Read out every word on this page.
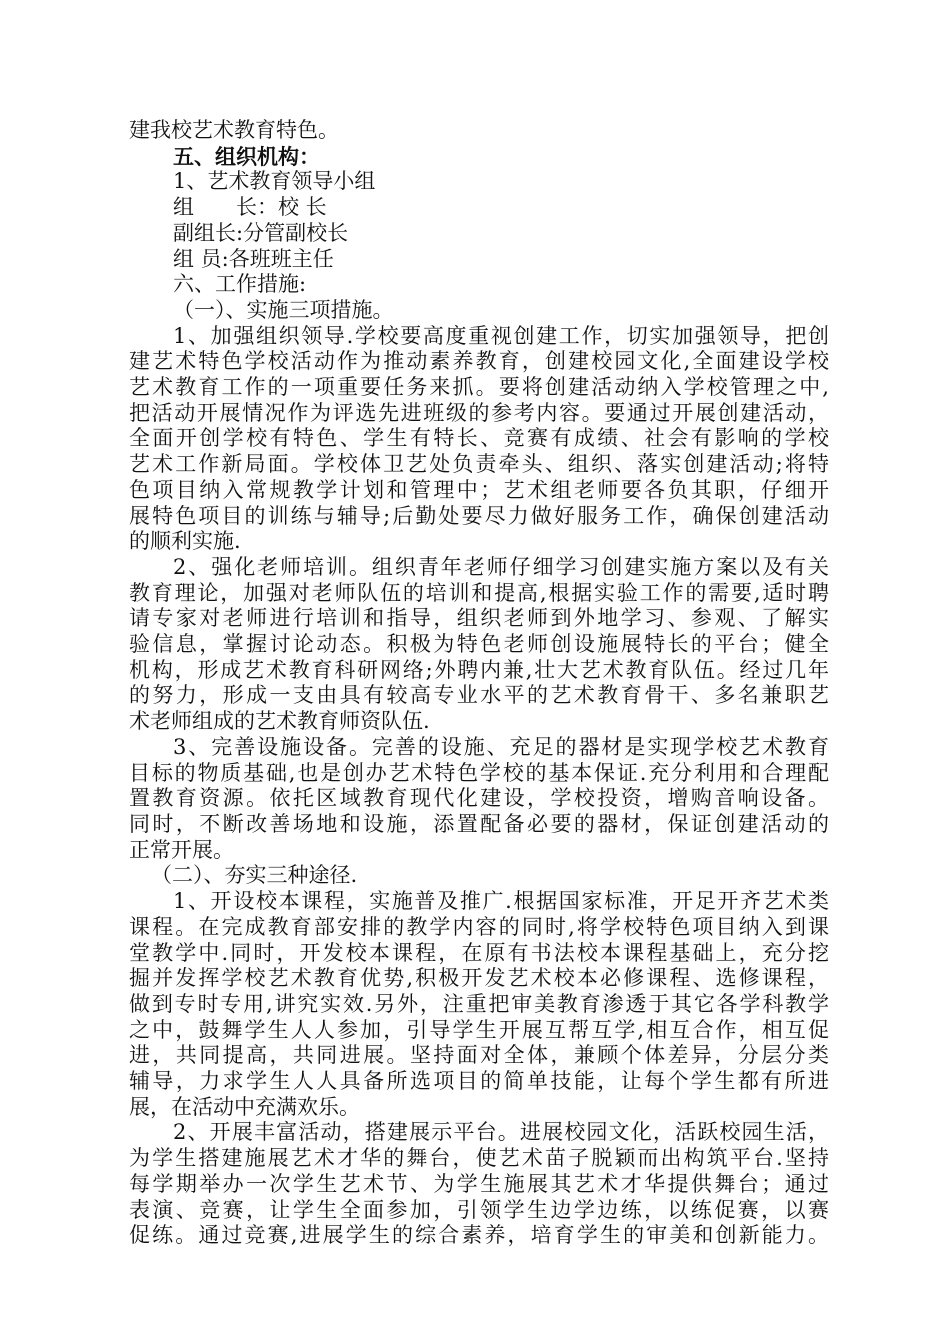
建我校艺术教育特色。
五、组织机构：
1、艺术教育领导小组
组　　长：校 长
副组长:分管副校长
组 员:各班班主任
六、工作措施:
（一）、实施三项措施。
1、加强组织领导.学校要高度重视创建工作，切实加强领导，把创
建艺术特色学校活动作为推动素养教育，创建校园文化,全面建设学校
艺术教育工作的一项重要任务来抓。要将创建活动纳入学校管理之中,
把活动开展情况作为评选先进班级的参考内容。要通过开展创建活动，
全面开创学校有特色、学生有特长、竞赛有成绩、社会有影响的学校
艺术工作新局面。学校体卫艺处负责牵头、组织、落实创建活动;将特
色项目纳入常规教学计划和管理中；艺术组老师要各负其职，仔细开
展特色项目的训练与辅导;后勤处要尽力做好服务工作，确保创建活动
的顺利实施.
2、强化老师培训。组织青年老师仔细学习创建实施方案以及有关
教育理论，加强对老师队伍的培训和提高,根据实验工作的需要,适时聘
请专家对老师进行培训和指导，组织老师到外地学习、参观、了解实
验信息，掌握讨论动态。积极为特色老师创设施展特长的平台；健全
机构，形成艺术教育科研网络;外聘内兼,壮大艺术教育队伍。经过几年
的努力，形成一支由具有较高专业水平的艺术教育骨干、多名兼职艺
术老师组成的艺术教育师资队伍.
3、完善设施设备。完善的设施、充足的器材是实现学校艺术教育
目标的物质基础,也是创办艺术特色学校的基本保证.充分利用和合理配
置教育资源。依托区域教育现代化建设，学校投资，增购音响设备。
同时，不断改善场地和设施，添置配备必要的器材，保证创建活动的
正常开展。
（二）、夯实三种途径.
1、开设校本课程，实施普及推广.根据国家标准，开足开齐艺术类
课程。在完成教育部安排的教学内容的同时,将学校特色项目纳入到课
堂教学中.同时，开发校本课程，在原有书法校本课程基础上，充分挖
掘并发挥学校艺术教育优势,积极开发艺术校本必修课程、选修课程，
做到专时专用,讲究实效.另外，注重把审美教育渗透于其它各学科教学
之中，鼓舞学生人人参加，引导学生开展互帮互学,相互合作，相互促
进，共同提高，共同进展。坚持面对全体，兼顾个体差异，分层分类
辅导，力求学生人人具备所选项目的简单技能，让每个学生都有所进
展，在活动中充满欢乐。
2、开展丰富活动，搭建展示平台。进展校园文化，活跃校园生活，
为学生搭建施展艺术才华的舞台，使艺术苗子脱颖而出构筑平台.坚持
每学期举办一次学生艺术节、为学生施展其艺术才华提供舞台；通过
表演、竞赛，让学生全面参加，引领学生边学边练，以练促赛，以赛
促练。通过竞赛,进展学生的综合素养，培育学生的审美和创新能力。
